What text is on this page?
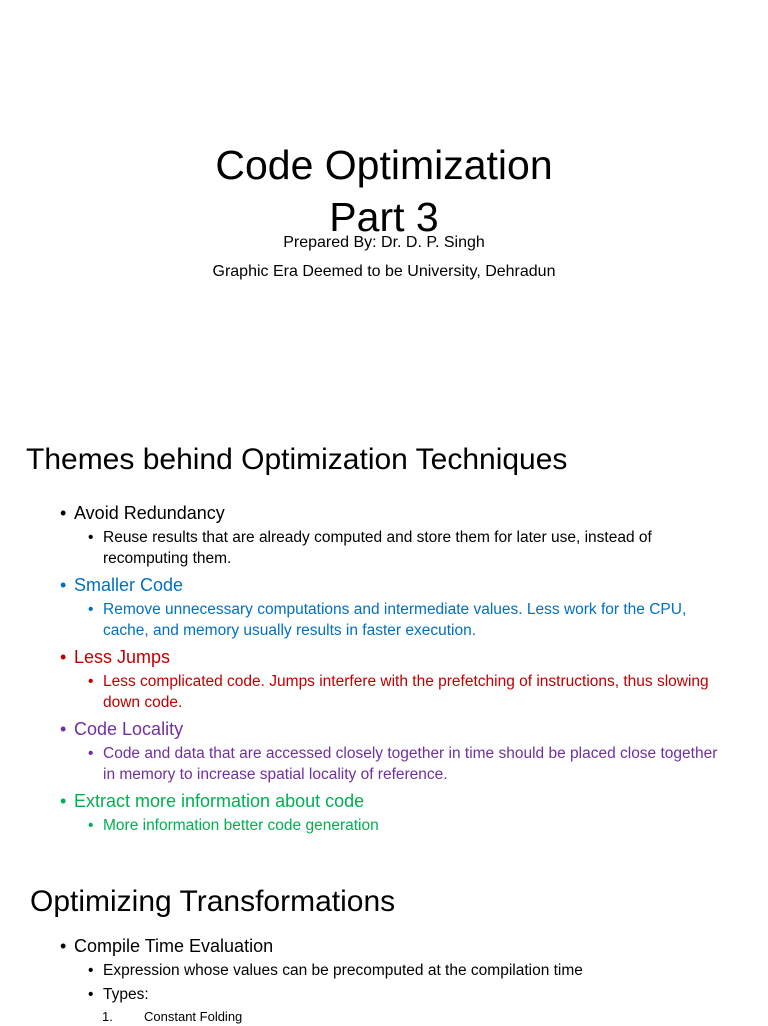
Code Optimization
Part 3
Prepared By: Dr. D. P. Singh
Graphic Era Deemed to be University, Dehradun
Themes behind Optimization Techniques
• Avoid Redundancy
• Reuse results that are already computed and store them for later use, instead of recomputing them.
• Smaller Code
• Remove unnecessary computations and intermediate values. Less work for the CPU, cache, and memory usually results in faster execution.
• Less Jumps
• Less complicated code. Jumps interfere with the prefetching of instructions, thus slowing down code.
• Code Locality
• Code and data that are accessed closely together in time should be placed close together in memory to increase spatial locality of reference.
• Extract more information about code
• More information better code generation
Optimizing Transformations
• Compile Time Evaluation
• Expression whose values can be precomputed at the compilation time
• Types:
1. Constant Folding
